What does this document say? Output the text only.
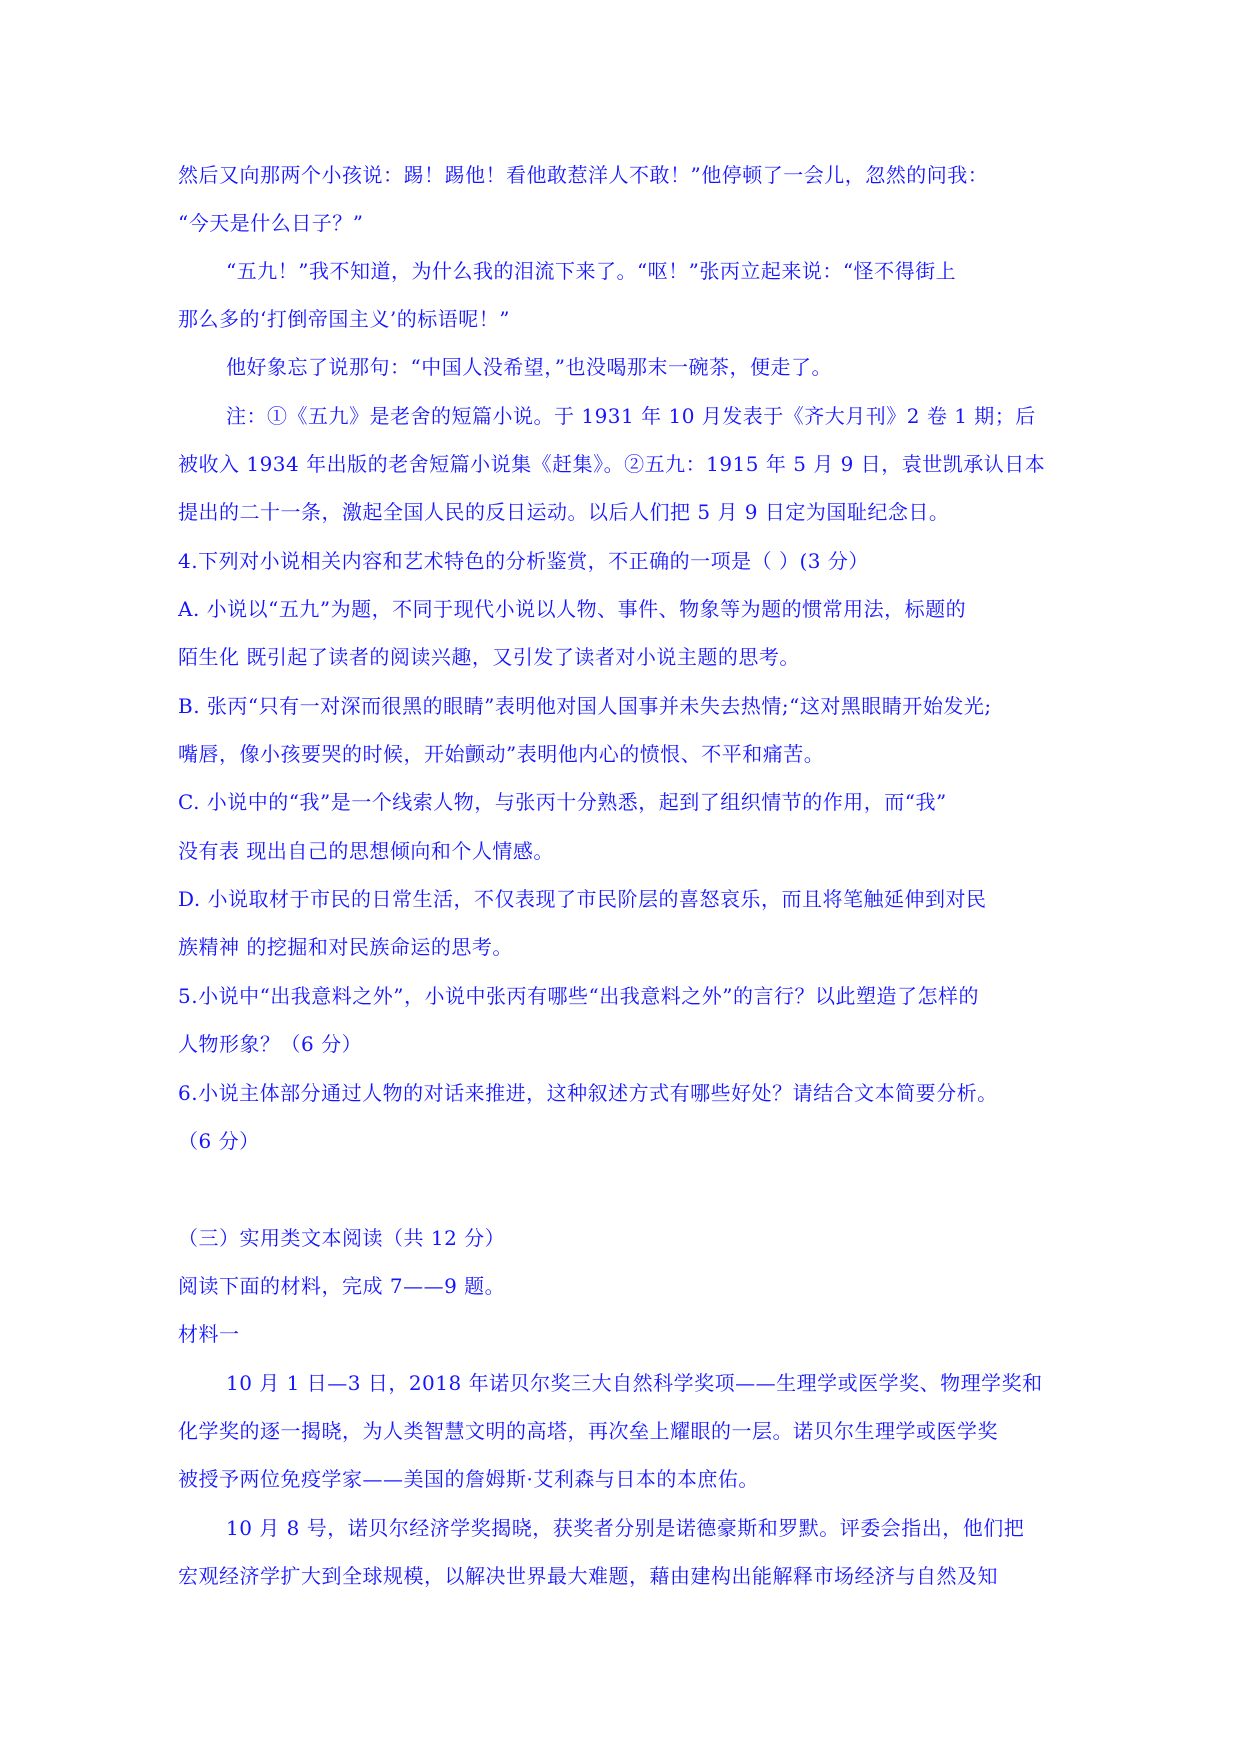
然后又向那两个小孩说：踢！踢他！看他敢惹洋人不敢！”他停顿了一会儿，忽然的问我：
“今天是什么日子？”
“五九！”我不知道，为什么我的泪流下来了。“呕！”张丙立起来说：“怪不得街上
那么多的‘打倒帝国主义’的标语呢！”
他好象忘了说那句：“中国人没希望，”也没喝那末一碗茶，便走了。
注：①《五九》是老舍的短篇小说。于 1931 年 10 月发表于《齐大月刊》2 卷 1 期；后
被收入 1934 年出版的老舍短篇小说集《赶集》。②五九：1915 年 5 月 9 日，袁世凯承认日本
提出的二十一条，激起全国人民的反日运动。以后人们把 5 月 9 日定为国耻纪念日。
4.下列对小说相关内容和艺术特色的分析鉴赏，不正确的一项是（ ）(3 分）
A. 小说以“五九”为题，不同于现代小说以人物、事件、物象等为题的惯常用法，标题的
陌生化 既引起了读者的阅读兴趣，又引发了读者对小说主题的思考。
B. 张丙“只有一对深而很黑的眼睛”表明他对国人国事并未失去热情;“这对黑眼睛开始发光;
嘴唇，像小孩要哭的时候，开始颤动”表明他内心的愤恨、不平和痛苦。
C. 小说中的“我”是一个线索人物，与张丙十分熟悉，起到了组织情节的作用，而“我”
没有表 现出自己的思想倾向和个人情感。
D. 小说取材于市民的日常生活，不仅表现了市民阶层的喜怒哀乐，而且将笔触延伸到对民
族精神 的挖掘和对民族命运的思考。
5.小说中“出我意料之外”，小说中张丙有哪些“出我意料之外”的言行？以此塑造了怎样的
人物形象？（6 分）
6.小说主体部分通过人物的对话来推进，这种叙述方式有哪些好处？请结合文本简要分析。
（6 分）
（三）实用类文本阅读（共 12 分）
阅读下面的材料，完成 7——9 题。
材料一
10 月 1 日—3 日，2018 年诺贝尔奖三大自然科学奖项——生理学或医学奖、物理学奖和
化学奖的逐一揭晓，为人类智慧文明的高塔，再次垒上耀眼的一层。诺贝尔生理学或医学奖
被授予两位免疫学家——美国的詹姆斯·艾利森与日本的本庶佑。
10 月 8 号，诺贝尔经济学奖揭晓，获奖者分别是诺德豪斯和罗默。评委会指出，他们把
宏观经济学扩大到全球规模，以解决世界最大难题，藉由建构出能解释市场经济与自然及知
